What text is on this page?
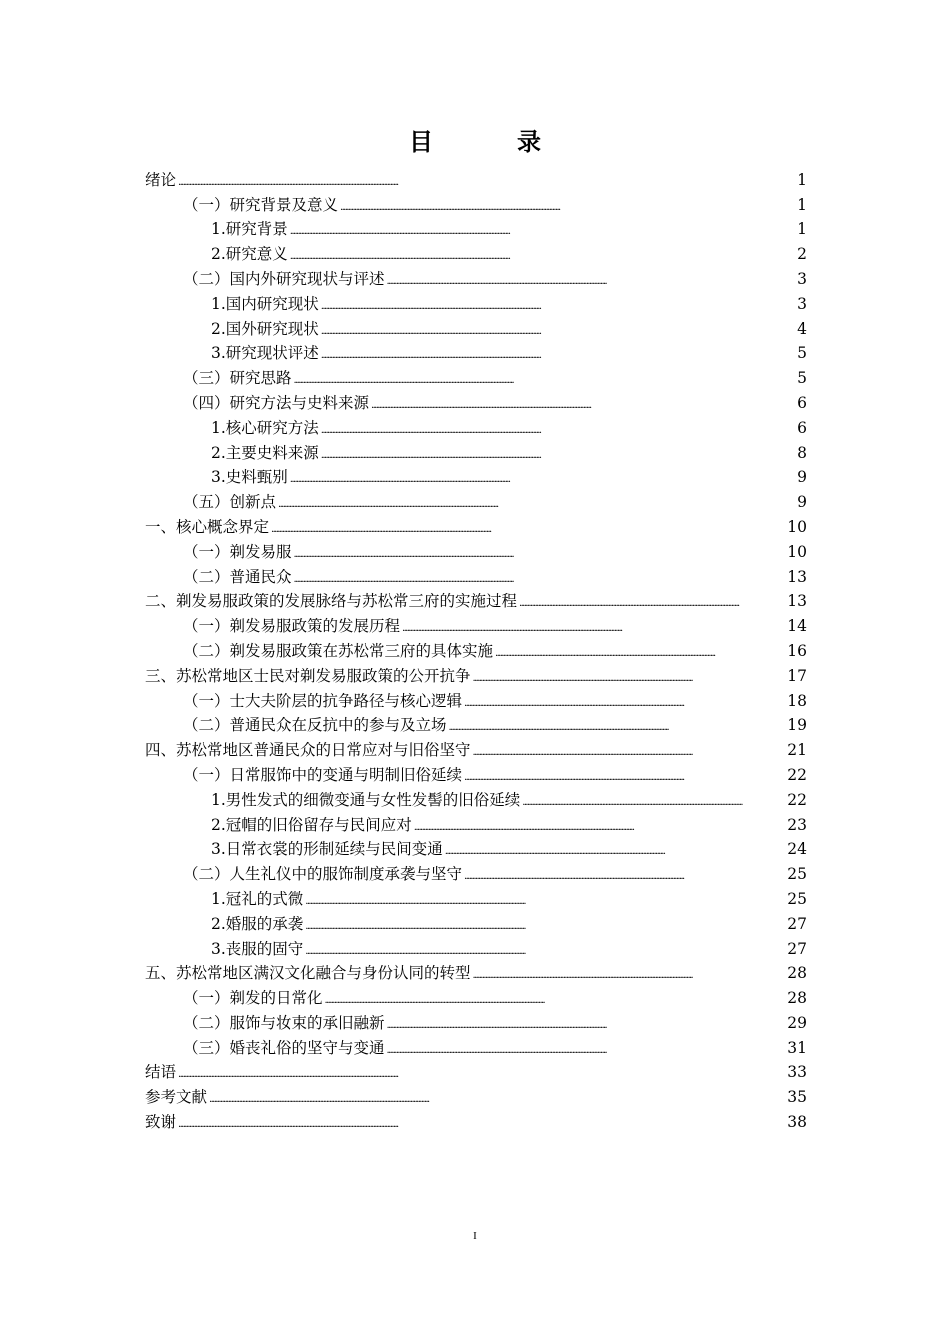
目　录
绪论 . . .	1
（一）研究背景及意义 . . .	1
1.研究背景 . . .	1
2.研究意义 . . .	2
（二）国内外研究现状与评述 . . .	3
1.国内研究现状 . . .	3
2.国外研究现状 . . .	4
3.研究现状评述 . . .	5
（三）研究思路 . . .	5
（四）研究方法与史料来源 . . .	6
1.核心研究方法 . . .	6
2.主要史料来源 . . .	8
3.史料甄别 . . .	9
（五）创新点 . . .	9
一、核心概念界定 . . .	10
（一）剃发易服 . . .	10
（二）普通民众 . . .	13
二、剃发易服政策的发展脉络与苏松常三府的实施过程 . . .	13
（一）剃发易服政策的发展历程 . . .	14
（二）剃发易服政策在苏松常三府的具体实施 . . .	16
三、苏松常地区士民对剃发易服政策的公开抗争 . . .	17
（一）士大夫阶层的抗争路径与核心逻辑 . . .	18
（二）普通民众在反抗中的参与及立场 . . .	19
四、苏松常地区普通民众的日常应对与旧俗坚守 . . .	21
（一）日常服饰中的变通与明制旧俗延续 . . .	22
1.男性发式的细微变通与女性发髻的旧俗延续 . . .	22
2.冠帽的旧俗留存与民间应对 . . .	23
3.日常衣裳的形制延续与民间变通 . . .	24
（二）人生礼仪中的服饰制度承袭与坚守 . . .	25
1.冠礼的式微 . . .	25
2.婚服的承袭 . . .	27
3.丧服的固守 . . .	27
五、苏松常地区满汉文化融合与身份认同的转型 . . .	28
（一）剃发的日常化 . . .	28
（二）服饰与妆束的承旧融新 . . .	29
（三）婚丧礼俗的坚守与变通 . . .	31
结语 . . .	33
参考文献 . . .	35
致谢 . . .	38
I
